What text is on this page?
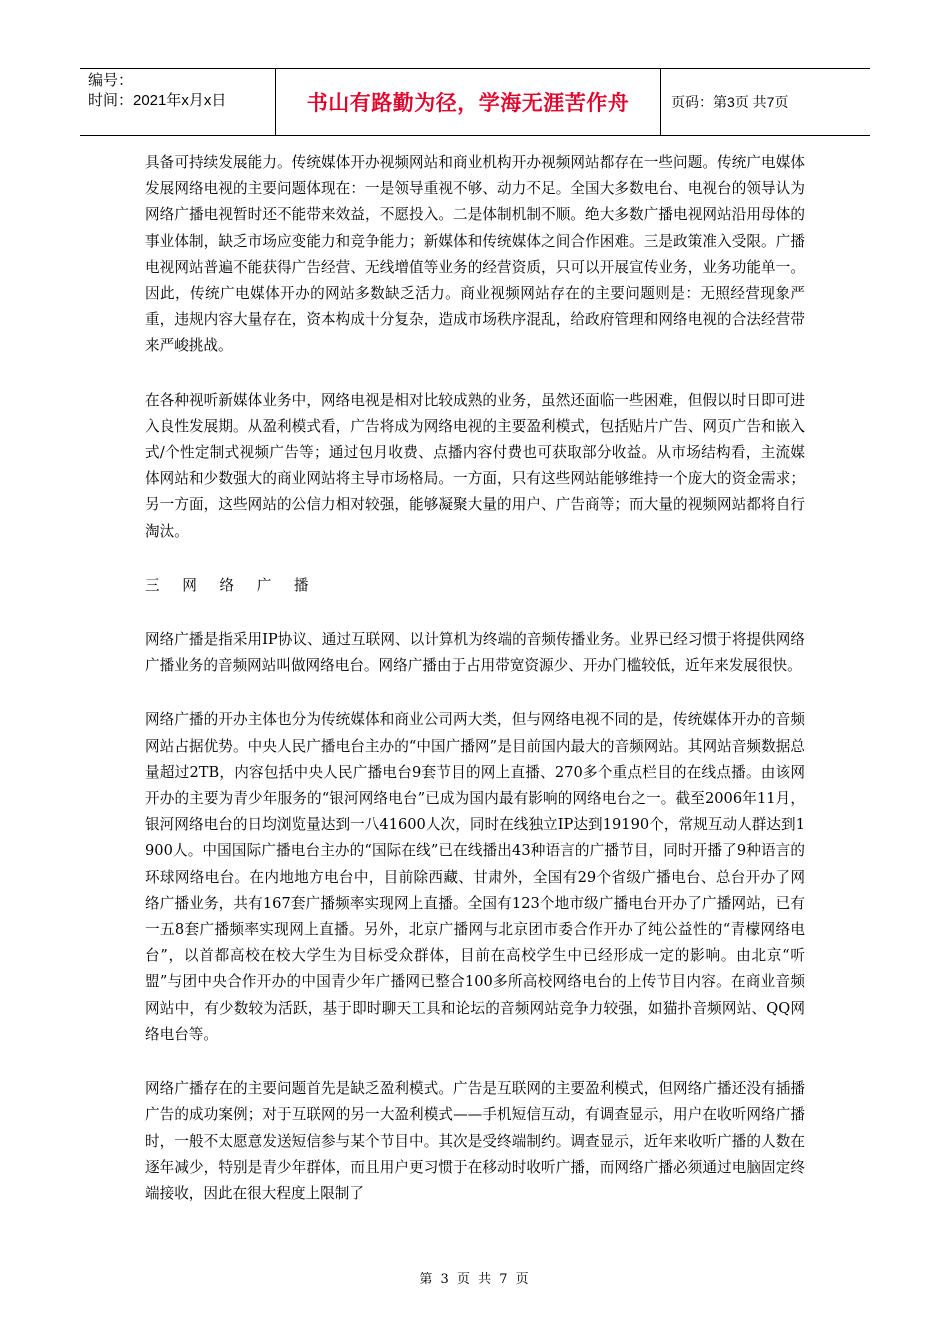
编号：
时间：2021年x月x日	书山有路勤为径，学海无涯苦作舟	页码：第3页 共7页

具备可持续发展能力。传统媒体开办视频网站和商业机构开办视频网站都存在一些问题。传统广电媒体发展网络电视的主要问题体现在：一是领导重视不够、动力不足。全国大多数电台、电视台的领导认为网络广播电视暂时还不能带来效益，不愿投入。二是体制机制不顺。绝大多数广播电视网站沿用母体的事业体制，缺乏市场应变能力和竞争能力；新媒体和传统媒体之间合作困难。三是政策准入受限。广播电视网站普遍不能获得广告经营、无线增值等业务的经营资质，只可以开展宣传业务，业务功能单一。因此，传统广电媒体开办的网站多数缺乏活力。商业视频网站存在的主要问题则是：无照经营现象严重，违规内容大量存在，资本构成十分复杂，造成市场秩序混乱，给政府管理和网络电视的合法经营带来严峻挑战。

在各种视听新媒体业务中，网络电视是相对比较成熟的业务，虽然还面临一些困难，但假以时日即可进入良性发展期。从盈利模式看，广告将成为网络电视的主要盈利模式，包括贴片广告、网页广告和嵌入式/个性定制式视频广告等；通过包月收费、点播内容付费也可获取部分收益。从市场结构看，主流媒体网站和少数强大的商业网站将主导市场格局。一方面，只有这些网站能够维持一个庞大的资金需求；另一方面，这些网站的公信力相对较强，能够凝聚大量的用户、广告商等；而大量的视频网站都将自行淘汰。

三 网 络 广 播

网络广播是指采用IP协议、通过互联网、以计算机为终端的音频传播业务。业界已经习惯于将提供网络广播业务的音频网站叫做网络电台。网络广播由于占用带宽资源少、开办门槛较低，近年来发展很快。

网络广播的开办主体也分为传统媒体和商业公司两大类，但与网络电视不同的是，传统媒体开办的音频网站占据优势。中央人民广播电台主办的“中国广播网”是目前国内最大的音频网站。其网站音频数据总量超过2TB，内容包括中央人民广播电台9套节目的网上直播、270多个重点栏目的在线点播。由该网开办的主要为青少年服务的“银河网络电台”已成为国内最有影响的网络电台之一。截至2006年11月，银河网络电台的日均浏览量达到一八41600人次，同时在线独立IP达到19190个，常规互动人群达到1900人。中国国际广播电台主办的“国际在线”已在线播出43种语言的广播节目，同时开播了9种语言的环球网络电台。在内地地方电台中，目前除西藏、甘肃外，全国有29个省级广播电台、总台开办了网络广播业务，共有167套广播频率实现网上直播。全国有123个地市级广播电台开办了广播网站，已有一五8套广播频率实现网上直播。另外，北京广播网与北京团市委合作开办了纯公益性的“青檬网络电台”，以首都高校在校大学生为目标受众群体，目前在高校学生中已经形成一定的影响。由北京“听盟”与团中央合作开办的中国青少年广播网已整合100多所高校网络电台的上传节目内容。在商业音频网站中，有少数较为活跃，基于即时聊天工具和论坛的音频网站竞争力较强，如猫扑音频网站、QQ网络电台等。

网络广播存在的主要问题首先是缺乏盈利模式。广告是互联网的主要盈利模式，但网络广播还没有插播广告的成功案例；对于互联网的另一大盈利模式——手机短信互动，有调查显示，用户在收听网络广播时，一般不太愿意发送短信参与某个节目中。其次是受终端制约。调查显示，近年来收听广播的人数在逐年减少，特别是青少年群体，而且用户更习惯于在移动时收听广播，而网络广播必须通过电脑固定终端接收，因此在很大程度上限制了

第 3 页 共 7 页
